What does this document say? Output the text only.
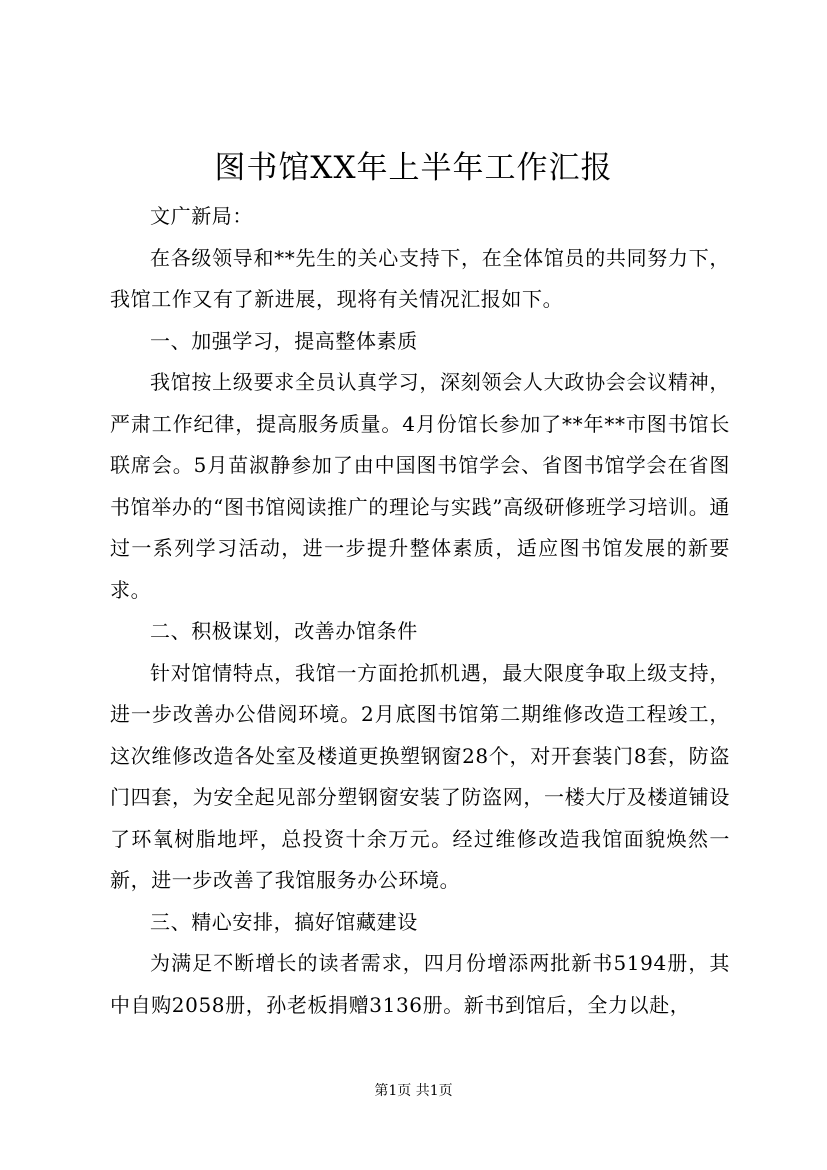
图书馆XX年上半年工作汇报

文广新局：

在各级领导和**先生的关心支持下，在全体馆员的共同努力下，我馆工作又有了新进展，现将有关情况汇报如下。

一、加强学习，提高整体素质

我馆按上级要求全员认真学习，深刻领会人大政协会会议精神，严肃工作纪律，提高服务质量。4月份馆长参加了**年**市图书馆长联席会。5月苗淑静参加了由中国图书馆学会、省图书馆学会在省图书馆举办的“图书馆阅读推广的理论与实践”高级研修班学习培训。通过一系列学习活动，进一步提升整体素质，适应图书馆发展的新要求。

二、积极谋划，改善办馆条件

针对馆情特点，我馆一方面抢抓机遇，最大限度争取上级支持，进一步改善办公借阅环境。2月底图书馆第二期维修改造工程竣工，这次维修改造各处室及楼道更换塑钢窗28个，对开套装门8套，防盗门四套，为安全起见部分塑钢窗安装了防盗网，一楼大厅及楼道铺设了环氧树脂地坪，总投资十余万元。经过维修改造我馆面貌焕然一新，进一步改善了我馆服务办公环境。

三、精心安排，搞好馆藏建设

为满足不断增长的读者需求，四月份增添两批新书5194册，其中自购2058册，孙老板捐赠3136册。新书到馆后，全力以赴，

第1页 共1页
